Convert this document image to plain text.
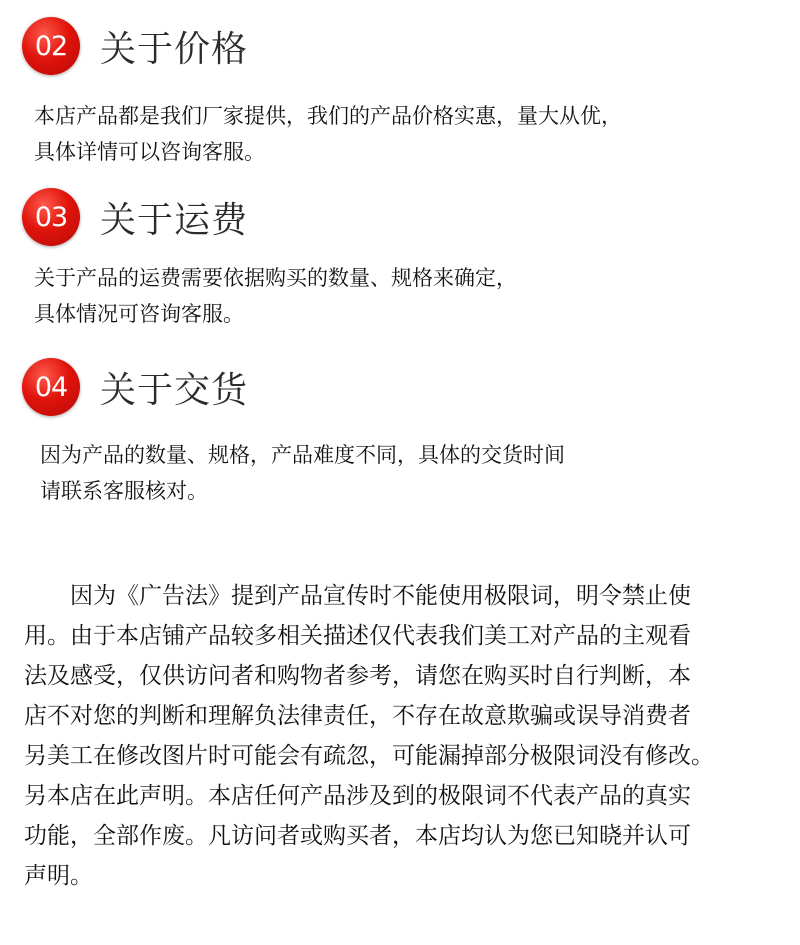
02 关于价格
本店产品都是我们厂家提供，我们的产品价格实惠，量大从优，
具体详情可以咨询客服。
03 关于运费
关于产品的运费需要依据购买的数量、规格来确定，
具体情况可咨询客服。
04 关于交货
因为产品的数量、规格，产品难度不同，具体的交货时间
请联系客服核对。
　　因为《广告法》提到产品宣传时不能使用极限词，明令禁止使
用。由于本店铺产品较多相关描述仅代表我们美工对产品的主观看
法及感受，仅供访问者和购物者参考，请您在购买时自行判断，本
店不对您的判断和理解负法律责任，不存在故意欺骗或误导消费者
另美工在修改图片时可能会有疏忽，可能漏掉部分极限词没有修改。
另本店在此声明。本店任何产品涉及到的极限词不代表产品的真实
功能，全部作废。凡访问者或购买者，本店均认为您已知晓并认可
声明。
